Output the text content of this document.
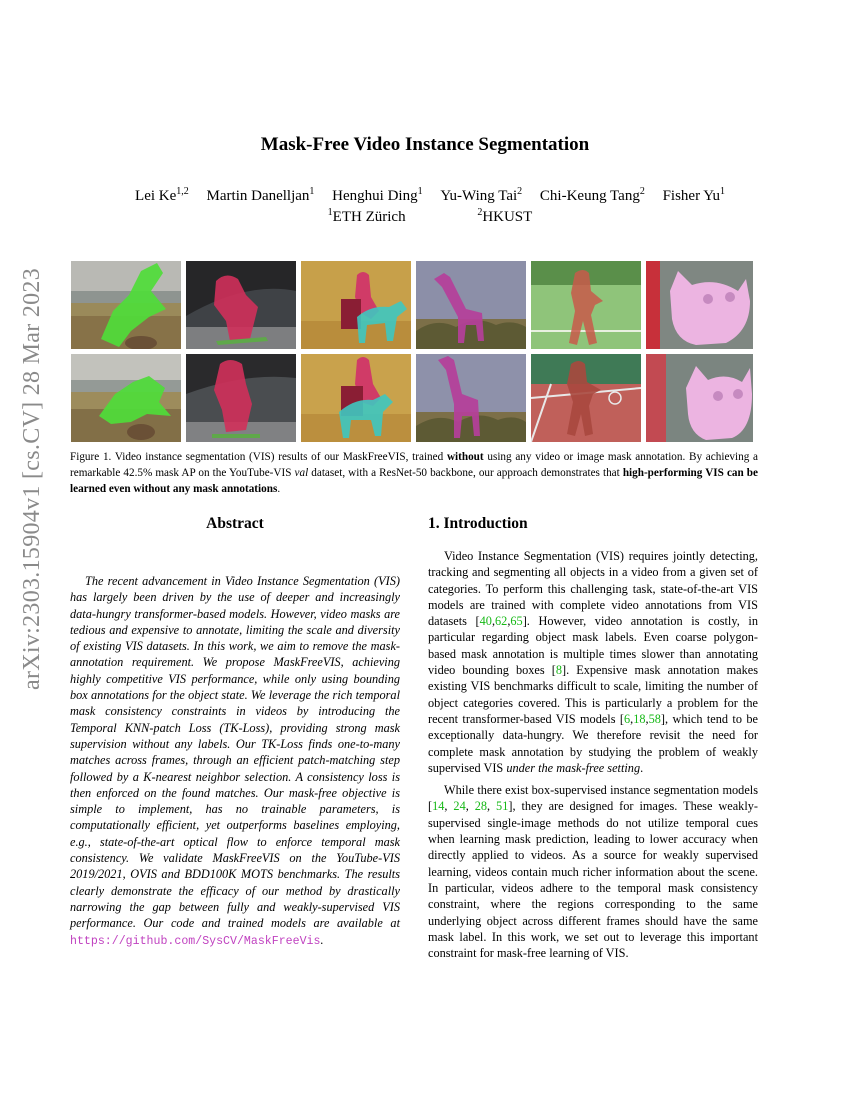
arXiv:2303.15904v1 [cs.CV] 28 Mar 2023
Mask-Free Video Instance Segmentation
Lei Ke$^{1,2}$ Martin Danelljan$^1$ Henghui Ding$^1$ Yu-Wing Tai$^2$ Chi-Keung Tang$^2$ Fisher Yu$^1$
$^1$ETH Zürich	$^2$HKUST
Figure 1. Video instance segmentation (VIS) results of our MaskFreeVIS, trained without using any video or image mask annotation. By achieving a remarkable 42.5% mask AP on the YouTube-VIS val dataset, with a ResNet-50 backbone, our approach demonstrates that high-performing VIS can be learned even without any mask annotations.
Abstract

The recent advancement in Video Instance Segmentation (VIS) has largely been driven by the use of deeper and increasingly data-hungry transformer-based models. However, video masks are tedious and expensive to annotate, limiting the scale and diversity of existing VIS datasets. In this work, we aim to remove the mask-annotation requirement. We propose MaskFreeVIS, achieving highly competitive VIS performance, while only using bounding box annotations for the object state. We leverage the rich temporal mask consistency constraints in videos by introducing the Temporal KNN-patch Loss (TK-Loss), providing strong mask supervision without any labels. Our TK-Loss finds one-to-many matches across frames, through an efficient patch-matching step followed by a K-nearest neighbor selection. A consistency loss is then enforced on the found matches. Our mask-free objective is simple to implement, has no trainable parameters, is computationally efficient, yet outperforms baselines employing, e.g., state-of-the-art optical flow to enforce temporal mask consistency. We validate MaskFreeVIS on the YouTube-VIS 2019/2021, OVIS and BDD100K MOTS benchmarks. The results clearly demonstrate the efficacy of our method by drastically narrowing the gap between fully and weakly-supervised VIS performance. Our code and trained models are available at https://github.com/SysCV/MaskFreeVis.

1. Introduction

Video Instance Segmentation (VIS) requires jointly detecting, tracking and segmenting all objects in a video from a given set of categories. To perform this challenging task, state-of-the-art VIS models are trained with complete video annotations from VIS datasets [40,62,65]. However, video annotation is costly, in particular regarding object mask labels. Even coarse polygon-based mask annotation is multiple times slower than annotating video bounding boxes [8]. Expensive mask annotation makes existing VIS benchmarks difficult to scale, limiting the number of object categories covered. This is particularly a problem for the recent transformer-based VIS models [6,18,58], which tend to be exceptionally data-hungry. We therefore revisit the need for complete mask annotation by studying the problem of weakly supervised VIS under the mask-free setting.

While there exist box-supervised instance segmentation models [14, 24, 28, 51], they are designed for images. These weakly-supervised single-image methods do not utilize temporal cues when learning mask prediction, leading to lower accuracy when directly applied to videos. As a source for weakly supervised learning, videos contain much richer information about the scene. In particular, videos adhere to the temporal mask consistency constraint, where the regions corresponding to the same underlying object across different frames should have the same mask label. In this work, we set out to leverage this important constraint for mask-free learning of VIS.
